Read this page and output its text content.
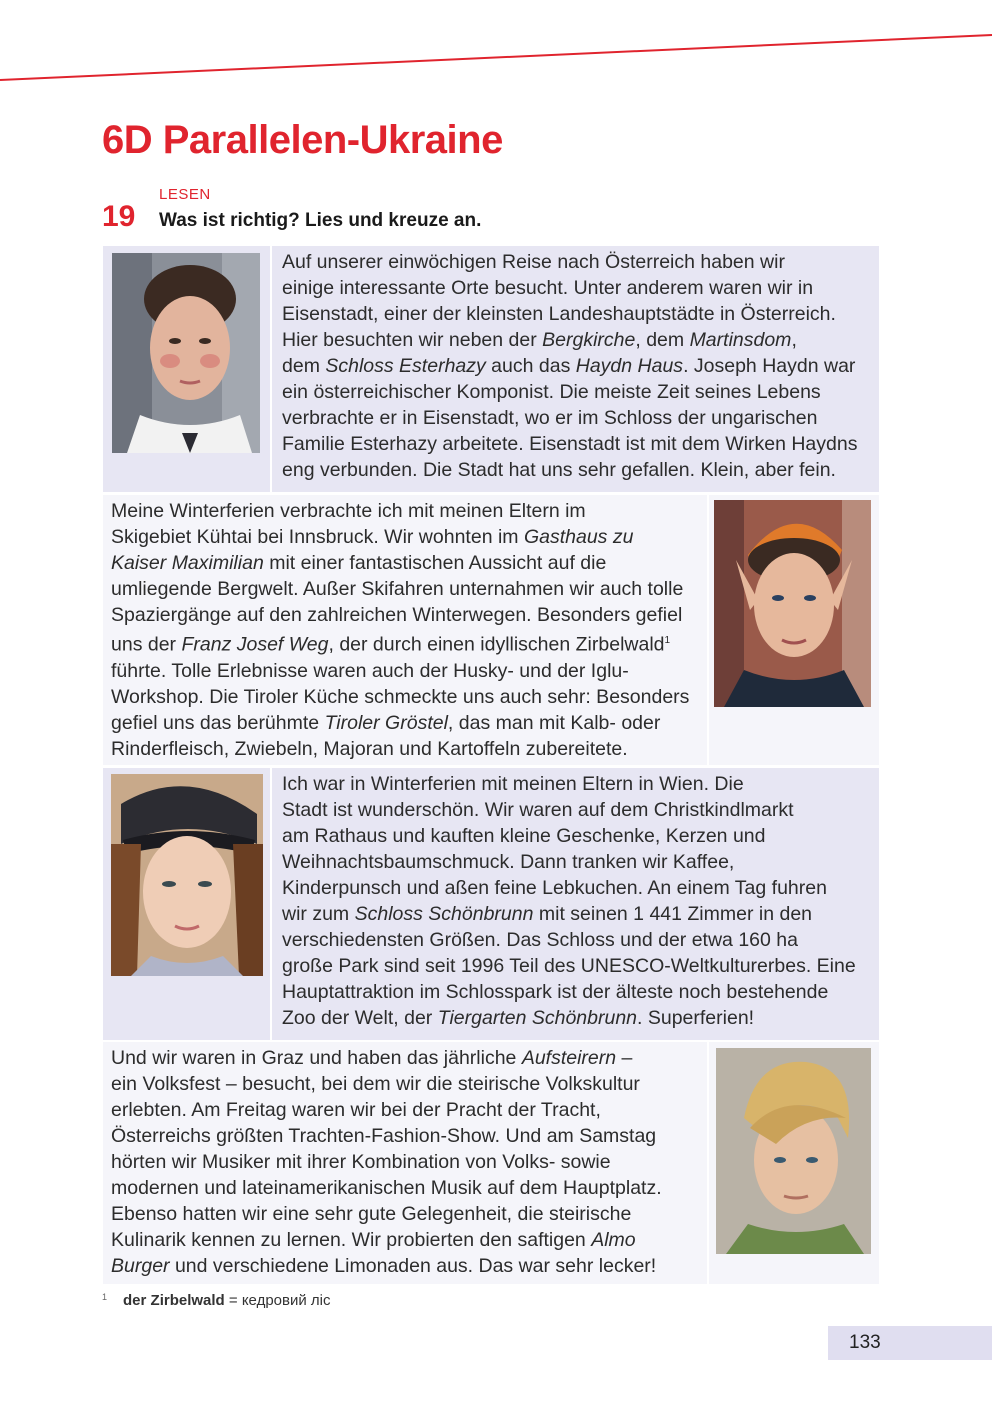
6D Parallelen-Ukraine
LESEN
19 Was ist richtig? Lies und kreuze an.

Auf unserer einwöchigen Reise nach Österreich haben wir
einige interessante Orte besucht. Unter anderem waren wir in
Eisenstadt, einer der kleinsten Landeshauptstädte in Österreich.
Hier besuchten wir neben der Bergkirche, dem Martinsdom,
dem Schloss Esterhazy auch das Haydn Haus. Joseph Haydn war
ein österreichischer Komponist. Die meiste Zeit seines Lebens
verbrachte er in Eisenstadt, wo er im Schloss der ungarischen
Familie Esterhazy arbeitete. Eisenstadt ist mit dem Wirken Haydns
eng verbunden. Die Stadt hat uns sehr gefallen. Klein, aber fein.

Meine Winterferien verbrachte ich mit meinen Eltern im
Skigebiet Kühtai bei Innsbruck. Wir wohnten im Gasthaus zu
Kaiser Maximilian mit einer fantastischen Aussicht auf die
umliegende Bergwelt. Außer Skifahren unternahmen wir auch tolle
Spaziergänge auf den zahlreichen Winterwegen. Besonders gefiel
uns der Franz Josef Weg, der durch einen idyllischen Zirbelwald$^1$
führte. Tolle Erlebnisse waren auch der Husky- und der Iglu-
Workshop. Die Tiroler Küche schmeckte uns auch sehr: Besonders
gefiel uns das berühmte Tiroler Gröstel, das man mit Kalb- oder
Rinderfleisch, Zwiebeln, Majoran und Kartoffeln zubereitete.

Ich war in Winterferien mit meinen Eltern in Wien. Die
Stadt ist wunderschön. Wir waren auf dem Christkindlmarkt
am Rathaus und kauften kleine Geschenke, Kerzen und
Weihnachtsbaumschmuck. Dann tranken wir Kaffee,
Kinderpunsch und aßen feine Lebkuchen. An einem Tag fuhren
wir zum Schloss Schönbrunn mit seinen 1 441 Zimmer in den
verschiedensten Größen. Das Schloss und der etwa 160 ha
große Park sind seit 1996 Teil des UNESCO-Weltkulturerbes. Eine
Hauptattraktion im Schlosspark ist der älteste noch bestehende
Zoo der Welt, der Tiergarten Schönbrunn. Superferien!

Und wir waren in Graz und haben das jährliche Aufsteirern –
ein Volksfest – besucht, bei dem wir die steirische Volkskultur
erlebten. Am Freitag waren wir bei der Pracht der Tracht,
Österreichs größten Trachten-Fashion-Show. Und am Samstag
hörten wir Musiker mit ihrer Kombination von Volks- sowie
modernen und lateinamerikanischen Musik auf dem Hauptplatz.
Ebenso hatten wir eine sehr gute Gelegenheit, die steirische
Kulinarik kennen zu lernen. Wir probierten den saftigen Almo
Burger und verschiedene Limonaden aus. Das war sehr lecker!

$^1$ der Zirbelwald = кедровий ліс
133
